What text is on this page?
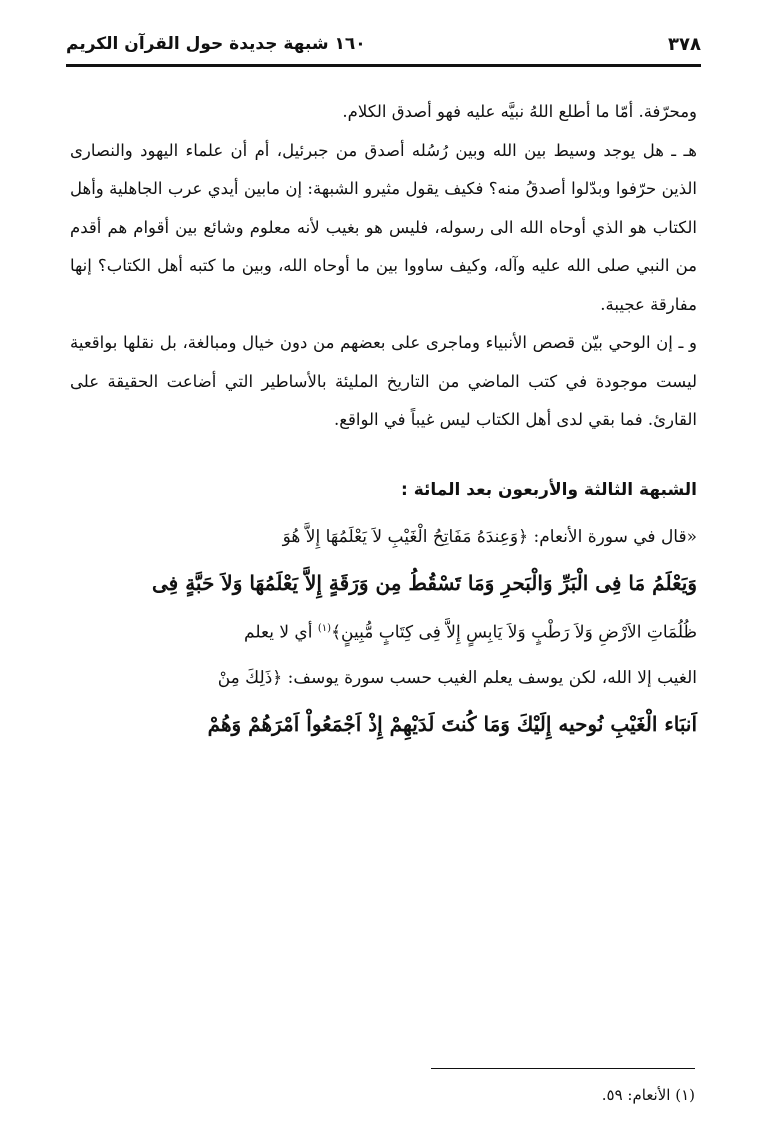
٣٧٨
١٦٠ شبهة جديدة حول القرآن الكريم

ومحرّفة. أمّا ما أطلع اللهُ نبيَّه عليه فهو أصدق الكلام.

هـ ـ هل يوجد وسيط بين الله وبين رُسُله أصدق من جبرئيل، أم أن علماء اليهود والنصارى الذين حرّفوا وبدّلوا أصدقُ منه؟ فكيف يقول مثيرو الشبهة: إن مابين أيدي عرب الجاهلية وأهل الكتاب هو الذي أوحاه الله الى رسوله، فليس هو بغيب لأنه معلوم وشائع بين أقوام هم أقدم من النبي صلى الله عليه وآله، وكيف ساووا بين ما أوحاه الله، وبين ما كتبه أهل الكتاب؟ إنها مفارقة عجيبة.

و ـ إن الوحي بيّن قصص الأنبياء وماجرى على بعضهم من دون خيال ومبالغة، بل نقلها بواقعية ليست موجودة في كتب الماضي من التاريخ المليئة بالأساطير التي أضاعت الحقيقة على القارئ. فما بقي لدى أهل الكتاب ليس غيباً في الواقع.

الشبهة الثالثة والأربعون بعد المائة :
«قال في سورة الأنعام: ﴿وَعِندَهُ مَفَاتِحُ الْغَيْبِ لاَ يَعْلَمُهَا إِلاَّ هُوَ
وَيَعْلَمُ مَا فِى الْبَرِّ وَالْبَحرِ وَمَا تَسْقُطُ مِن وَرَقَةٍ إِلاَّ يَعْلَمُهَا وَلاَ حَبَّةٍ فِى
ظُلُمَاتِ الاَرْضِ وَلاَ رَطْبٍ وَلاَ يَابِسٍ إِلاَّ فِى كِتَابٍ مُّبِينٍ﴾$^{(١)}$ أي لا يعلم
الغيب إلا الله، لكن يوسف يعلم الغيب حسب سورة يوسف: ﴿ذَلِكَ مِنْ
اَنبَاء الْغَيْبِ نُوحيه إِلَيْكَ وَمَا كُنتَ لَدَيْهِمْ إِذْ اَجْمَعُواْ اَمْرَهُمْ وَهُمْ
(١) الأنعام: ٥٩.
